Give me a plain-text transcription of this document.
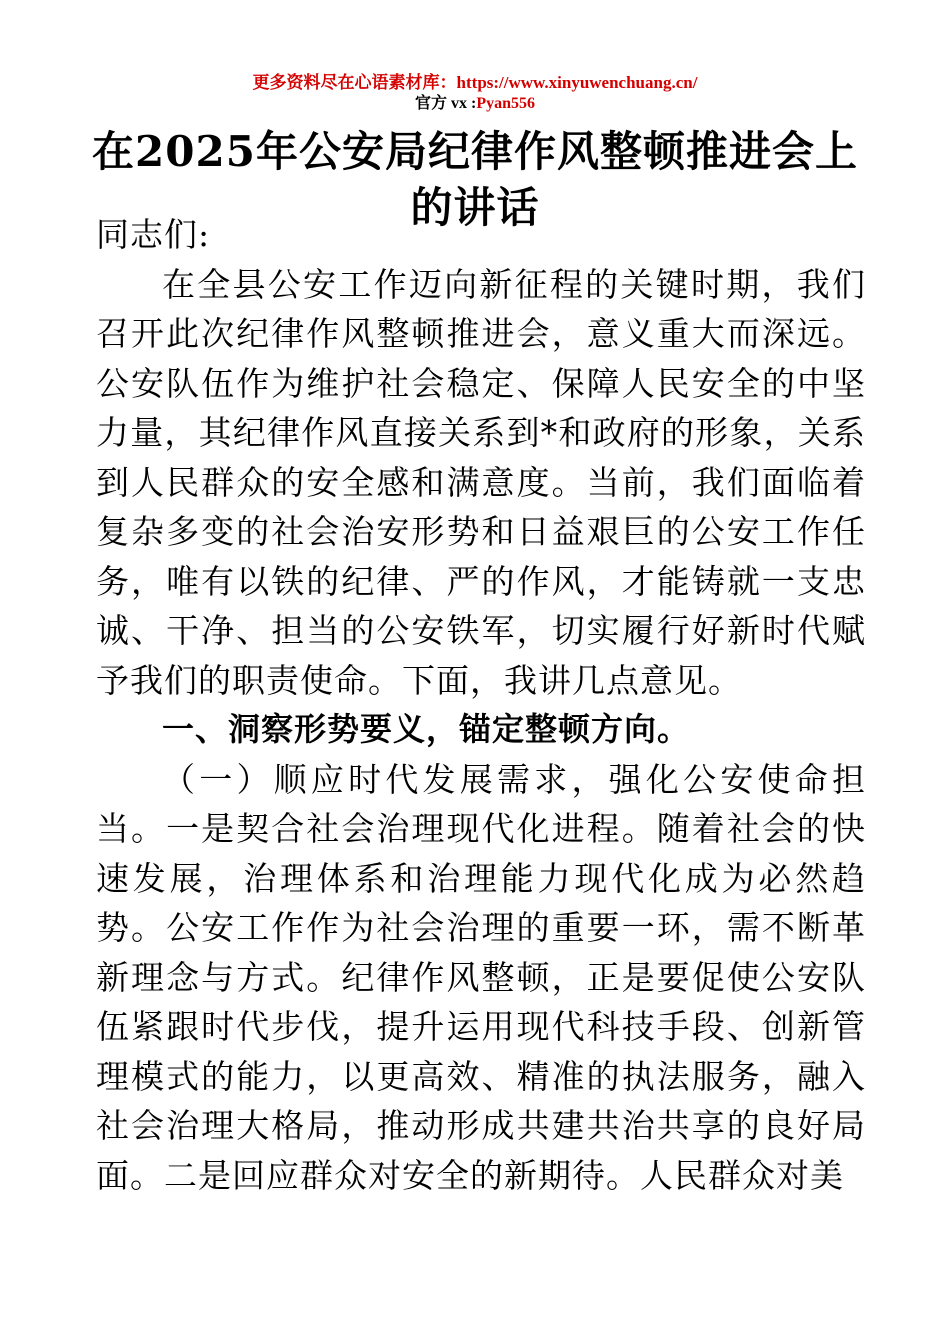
更多资料尽在心语素材库：https://www.xinyuwenchuang.cn/
官方 vx :Pyan556
在2025年公安局纪律作风整顿推进会上的讲话

同志们:

在全县公安工作迈向新征程的关键时期，我们召开此次纪律作风整顿推进会，意义重大而深远。公安队伍作为维护社会稳定、保障人民安全的中坚力量，其纪律作风直接关系到*和政府的形象，关系到人民群众的安全感和满意度。当前，我们面临着复杂多变的社会治安形势和日益艰巨的公安工作任务，唯有以铁的纪律、严的作风，才能铸就一支忠诚、干净、担当的公安铁军，切实履行好新时代赋予我们的职责使命。下面，我讲几点意见。

一、洞察形势要义，锚定整顿方向。

（一）顺应时代发展需求，强化公安使命担当。一是契合社会治理现代化进程。随着社会的快速发展，治理体系和治理能力现代化成为必然趋势。公安工作作为社会治理的重要一环，需不断革新理念与方式。纪律作风整顿，正是要促使公安队伍紧跟时代步伐，提升运用现代科技手段、创新管理模式的能力，以更高效、精准的执法服务，融入社会治理大格局，推动形成共建共治共享的良好局面。二是回应群众对安全的新期待。人民群众对美
